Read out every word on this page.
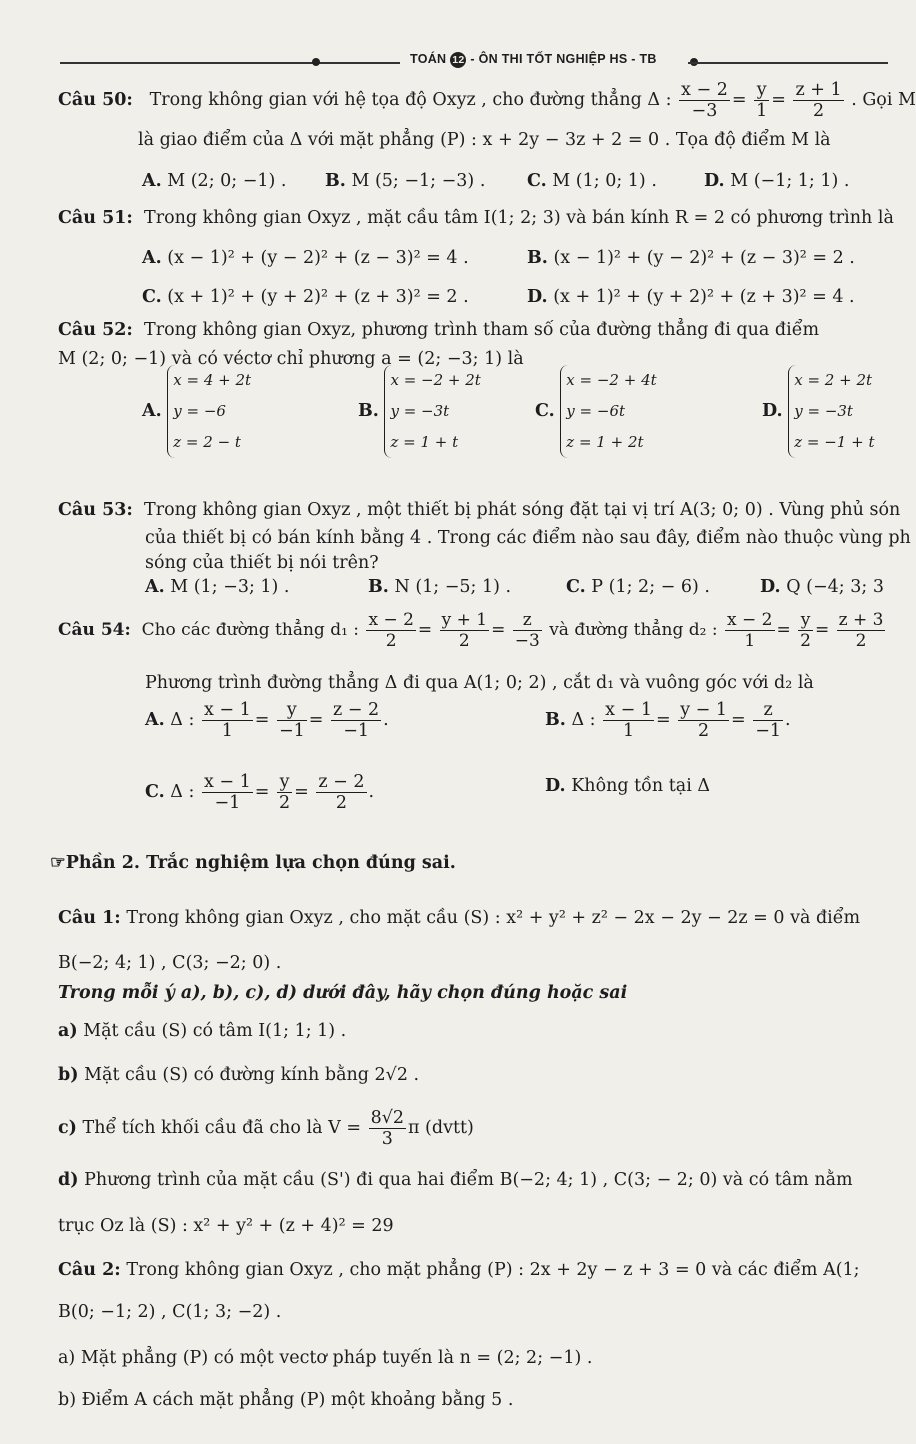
TOÁN 12 - ÔN THI TỐT NGHIỆP HS - TB
Câu 50: Trong không gian với hệ tọa độ Oxyz , cho đường thẳng Δ : $\frac{x - 2}{-3} = \frac{y}{1} = \frac{z + 1}{2}$ . Gọi M
là giao điểm của Δ với mặt phẳng (P) : x + 2y − 3z + 2 = 0 . Tọa độ điểm M là
A. M (2; 0; −1) . B. M (5; −1; −3) . C. M (1; 0; 1) .	D. M (−1; 1; 1) .
Câu 51: Trong không gian Oxyz , mặt cầu tâm I(1; 2; 3) và bán kính R = 2 có phương trình là
A. (x − 1)² + (y − 2)² + (z − 3)² = 4 .	B. (x − 1)² + (y − 2)² + (z − 3)² = 2 .
C. (x + 1)² + (y + 2)² + (z + 3)² = 2 .	D. (x + 1)² + (y + 2)² + (z + 3)² = 4 .
Câu 52: Trong không gian Oxyz, phương trình tham số của đường thẳng đi qua điểm
M (2; 0; −1) và có véctơ chỉ phương a = (2; −3; 1) là
A.
x = 4 + 2t
y = −6
z = 2 − t
B.
x = −2 + 2t
y = −3t
z = 1 + t
C.
x = −2 + 4t
y = −6t
z = 1 + 2t
D.
x = 2 + 2t
y = −3t
z = −1 + t
Câu 53: Trong không gian Oxyz , một thiết bị phát sóng đặt tại vị trí A(3; 0; 0) . Vùng phủ són
của thiết bị có bán kính bằng 4 . Trong các điểm nào sau đây, điểm nào thuộc vùng ph
sóng của thiết bị nói trên?
A. M (1; −3; 1) .	B. N (1; −5; 1) .	C. P (1; 2; − 6) .	D. Q (−4; 3; 3
Câu 54: Cho các đường thẳng d₁ : $\frac{x - 2}{2} = \frac{y + 1}{2} = \frac{z}{-3}$ và đường thẳng d₂ : $\frac{x - 2}{1} = \frac{y}{2} = \frac{z + 3}{2}$
Phương trình đường thẳng Δ đi qua A(1; 0; 2) , cắt d₁ và vuông góc với d₂ là
A. Δ : $\frac{x - 1}{1} = \frac{y}{-1} = \frac{z - 2}{-1}$ .	B. Δ : $\frac{x - 1}{1} = \frac{y - 1}{2} = \frac{z}{-1}$ .
C. Δ : $\frac{x - 1}{-1} = \frac{y}{2} = \frac{z - 2}{2}$ .	D. Không tồn tại Δ
☞Phần 2. Trắc nghiệm lựa chọn đúng sai.
Câu 1: Trong không gian Oxyz , cho mặt cầu (S) : x² + y² + z² − 2x − 2y − 2z = 0 và điểm
B(−2; 4; 1) , C(3; −2; 0) .
Trong mỗi ý a), b), c), d) dưới đây, hãy chọn đúng hoặc sai
a) Mặt cầu (S) có tâm I(1; 1; 1) .
b) Mặt cầu (S) có đường kính bằng 2√2 .
c) Thể tích khối cầu đã cho là $V = \frac{8√2}{3}$ π (dvtt)
d) Phương trình của mặt cầu (S') đi qua hai điểm B(−2; 4; 1) , C(3; − 2; 0) và có tâm nằm
trục Oz là (S) : x² + y² + (z + 4)² = 29
Câu 2: Trong không gian Oxyz , cho mặt phẳng (P) : 2x + 2y − z + 3 = 0 và các điểm A(1;
B(0; −1; 2) , C(1; 3; −2) .
a) Mặt phẳng (P) có một vectơ pháp tuyến là n = (2; 2; −1) .
b) Điểm A cách mặt phẳng (P) một khoảng bằng 5 .
